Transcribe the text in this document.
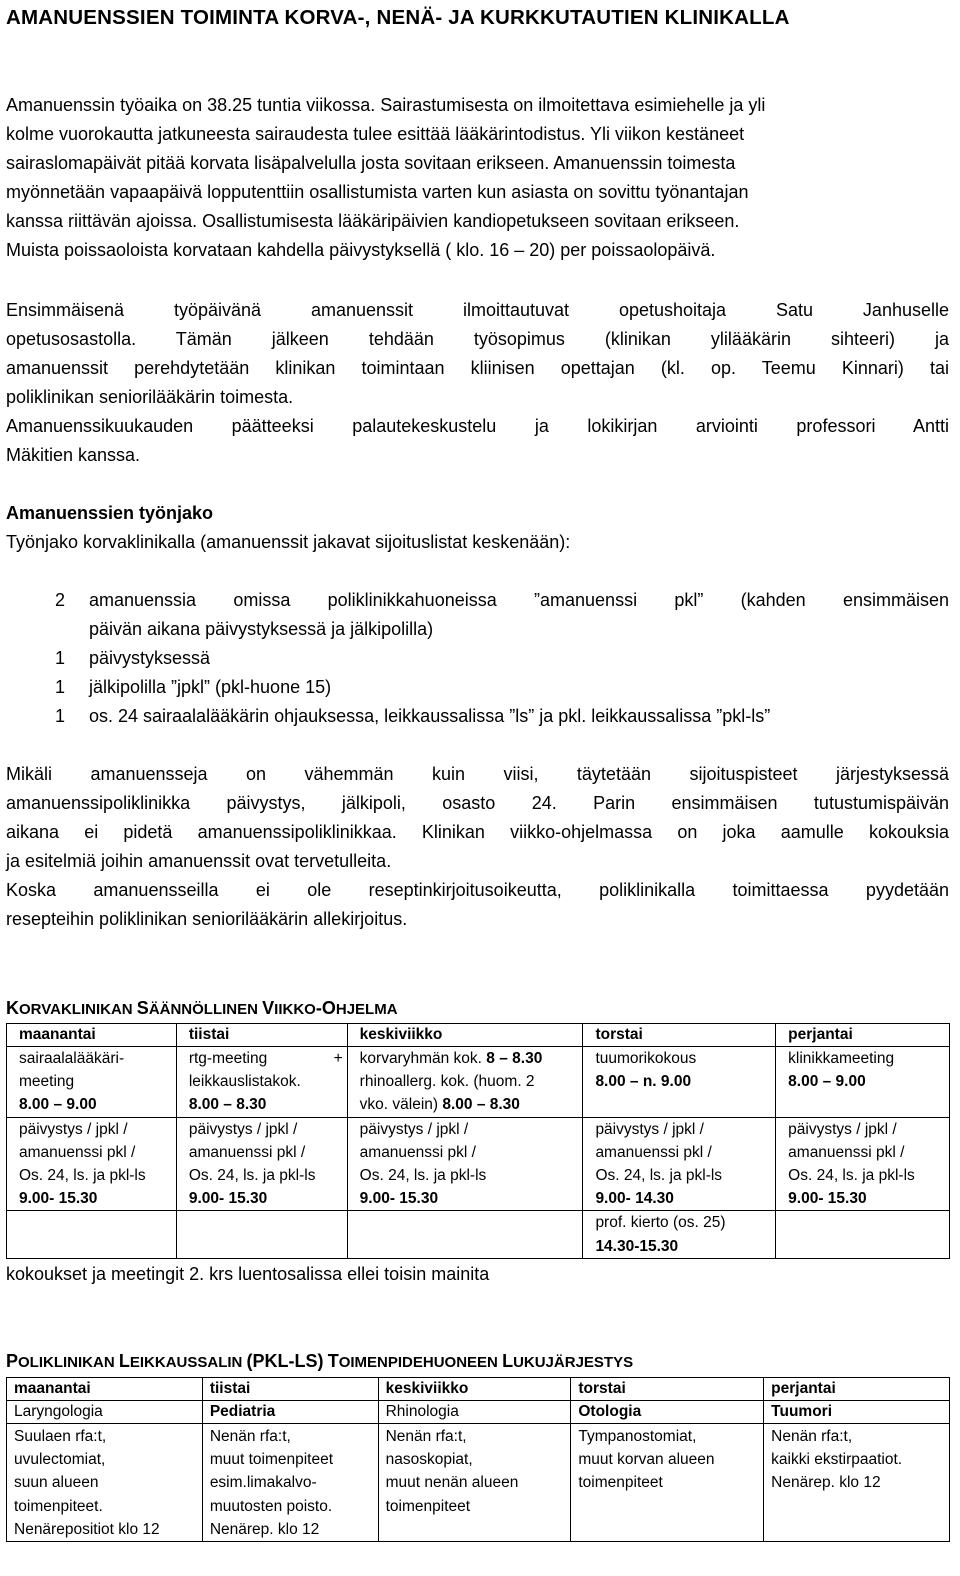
AMANUENSSIEN TOIMINTA KORVA-, NENÄ- JA KURKKUTAUTIEN KLINIKALLA
Amanuenssin työaika on 38.25 tuntia viikossa. Sairastumisesta on ilmoitettava esimiehelle ja yli
kolme vuorokautta jatkuneesta sairaudesta tulee esittää lääkärintodistus. Yli viikon kestäneet
sairaslomapäivät pitää korvata lisäpalvelulla josta sovitaan erikseen. Amanuenssin toimesta
myönnetään vapaapäivä lopputenttiin osallistumista varten kun asiasta on sovittu työnantajan
kanssa riittävän ajoissa. Osallistumisesta lääkäripäivien kandiopetukseen sovitaan erikseen.
Muista poissaoloista korvataan kahdella päivystyksellä ( klo. 16 – 20) per poissaolopäivä.
Ensimmäisenä työpäivänä amanuenssit ilmoittautuvat opetushoitaja Satu Janhuselle
opetusosastolla. Tämän jälkeen tehdään työsopimus (klinikan ylilääkärin sihteeri) ja
amanuenssit perehdytetään klinikan toimintaan kliinisen opettajan (kl. op. Teemu Kinnari) tai
poliklinikan seniorilääkärin toimesta.
Amanuenssikuukauden päätteeksi palautekeskustelu ja lokikirjan arviointi professori Antti
Mäkitien kanssa.
Amanuenssien työnjako
Työnjako korvaklinikalla (amanuenssit jakavat sijoituslistat keskenään):
2	amanuenssia omissa poliklinikkahuoneissa ”amanuenssi pkl” (kahden ensimmäisen
päivän aikana päivystyksessä ja jälkipolilla)
1	päivystyksessä
1	jälkipolilla ”jpkl” (pkl-huone 15)
1	os. 24 sairaalalääkärin ohjauksessa, leikkaussalissa ”ls” ja pkl. leikkaussalissa ”pkl-ls”
Mikäli amanuensseja on vähemmän kuin viisi, täytetään sijoituspisteet järjestyksessä
amanuenssipoliklinikka päivystys, jälkipoli, osasto 24. Parin ensimmäisen tutustumispäivän
aikana ei pidetä amanuenssipoliklinikkaa. Klinikan viikko-ohjelmassa on joka aamulle kokouksia
ja esitelmiä joihin amanuenssit ovat tervetulleita.
Koska amanuensseilla ei ole reseptinkirjoitusoikeutta, poliklinikalla toimittaessa pyydetään
resepteihin poliklinikan seniorilääkärin allekirjoitus.
KORVAKLINIKAN SÄÄNNÖLLINEN VIIKKO-OHJELMA
maanantai	tiistai	keskiviikko	torstai	perjantai

sairaalalääkäri-
meeting
8.00 – 9.00	rtg-meeting +
leikkauslistakok.
8.00 – 8.30	korvaryhmän kok. 8 – 8.30
rhinoallerg. kok. (huom. 2
vko. välein) 8.00 – 8.30	tuumorikokous
8.00 – n. 9.00	klinikkameeting
8.00 – 9.00

päivystys / jpkl /
amanuenssi pkl /
Os. 24, ls. ja pkl-ls
9.00- 15.30	päivystys / jpkl /
amanuenssi pkl /
Os. 24, ls. ja pkl-ls
9.00- 15.30	päivystys / jpkl /
amanuenssi pkl /
Os. 24, ls. ja pkl-ls
9.00- 15.30	päivystys / jpkl /
amanuenssi pkl /
Os. 24, ls. ja pkl-ls
9.00- 14.30	päivystys / jpkl /
amanuenssi pkl /
Os. 24, ls. ja pkl-ls
9.00- 15.30

			prof. kierto (os. 25)
14.30-15.30	

kokoukset ja meetingit 2. krs luentosalissa ellei toisin mainita
POLIKLINIKAN LEIKKAUSSALIN (PKL-LS) TOIMENPIDEHUONEEN LUKUJÄRJESTYS
maanantai	tiistai	keskiviikko	torstai	perjantai
Laryngologia	Pediatria	Rhinologia	Otologia	Tuumori

Suulaen rfa:t,
uvulectomiat,
suun alueen
toimenpiteet.
Nenärepositiot klo 12	Nenän rfa:t,
muut toimenpiteet
esim.limakalvo-
muutosten poisto.
Nenärep. klo 12	Nenän rfa:t,
nasoskopiat,
muut nenän alueen
toimenpiteet	Tympanostomiat,
muut korvan alueen
toimenpiteet	Nenän rfa:t,
kaikki ekstirpaatiot.
Nenärep. klo 12
